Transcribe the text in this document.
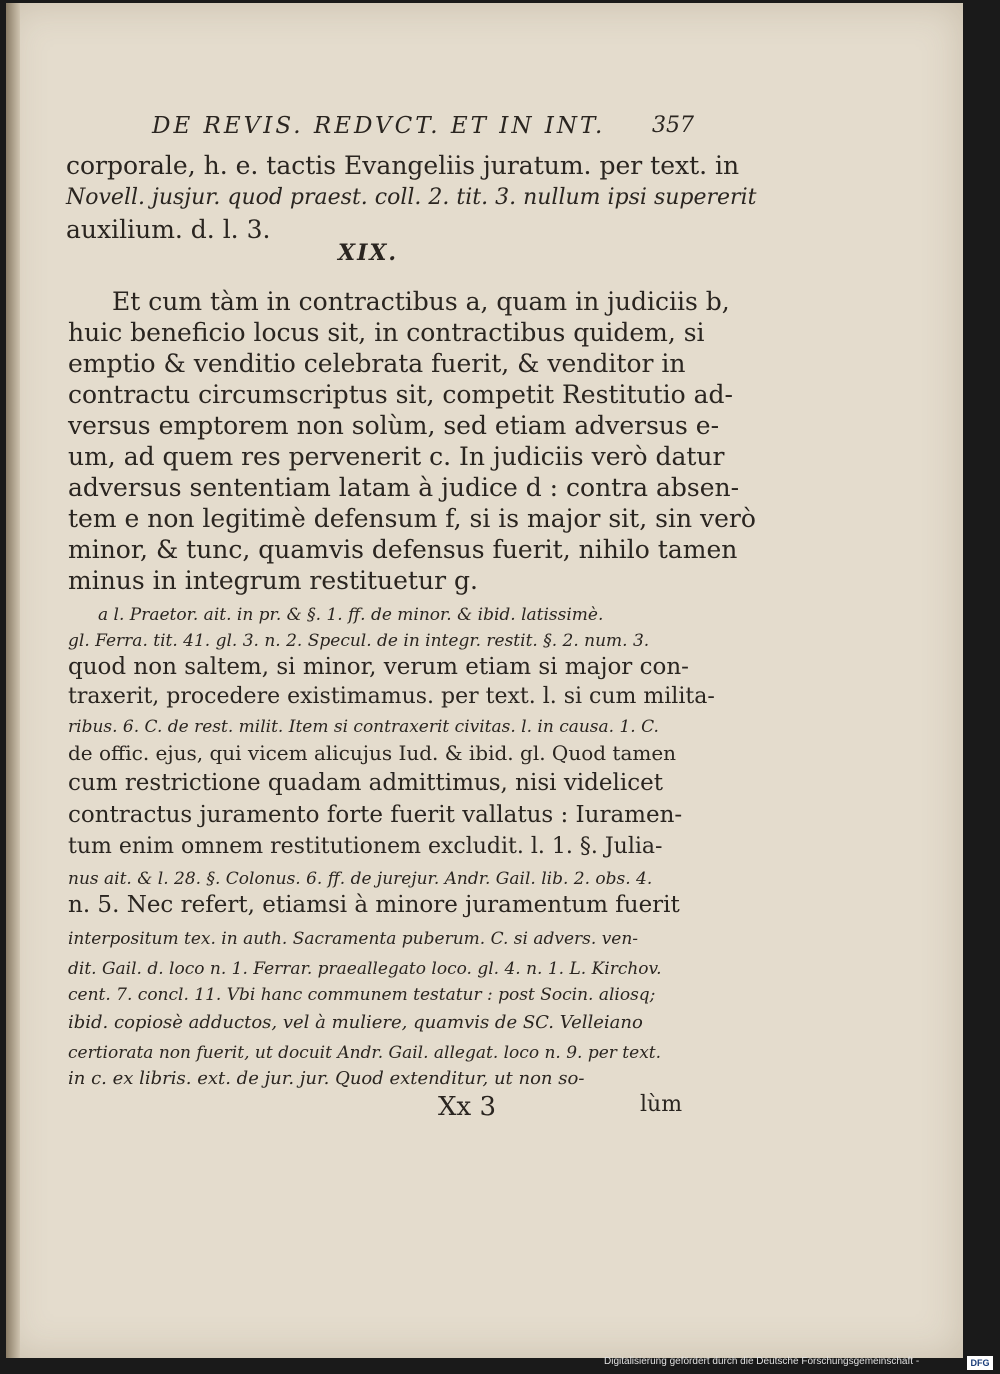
DE REVIS. REDVCT. ET IN INT. 357
corporale, h. e. tactis Evangeliis juratum. per text. in
Novell. jusjur. quod praest. coll. 2. tit. 3. nullum ipsi supererit
auxilium. d. l. 3.
XIX.
Et cum tàm in contractibus a, quam in judiciis b,
huic beneficio locus sit, in contractibus quidem, si
emptio & venditio celebrata fuerit, & venditor in
contractu circumscriptus sit, competit Restitutio ad-
versus emptorem non solùm, sed etiam adversus e-
um, ad quem res pervenerit c. In judiciis verò datur
adversus sententiam latam à judice d : contra absen-
tem e non legitimè defensum f, si is major sit, sin verò
minor, & tunc, quamvis defensus fuerit, nihilo tamen
minus in integrum restituetur g.
a l. Praetor. ait. in pr. & §. 1. ff. de minor. & ibid. latissimè.
gl. Ferra. tit. 41. gl. 3. n. 2. Specul. de in integr. restit. §. 2. num. 3.
quod non saltem, si minor, verum etiam si major con-
traxerit, procedere existimamus. per text. l. si cum milita-
ribus. 6. C. de rest. milit. Item si contraxerit civitas. l. in causa. 1. C.
de offic. ejus, qui vicem alicujus Iud. & ibid. gl. Quod tamen
cum restrictione quadam admittimus, nisi videlicet
contractus juramento forte fuerit vallatus : Iuramen-
tum enim omnem restitutionem excludit. l. 1. §. Julia-
nus ait. & l. 28. §. Colonus. 6. ff. de jurejur. Andr. Gail. lib. 2. obs. 4.
n. 5. Nec refert, etiamsi à minore juramentum fuerit
interpositum tex. in auth. Sacramenta puberum. C. si advers. ven-
dit. Gail. d. loco n. 1. Ferrar. praeallegato loco. gl. 4. n. 1. L. Kirchov.
cent. 7. concl. 11. Vbi hanc communem testatur : post Socin. aliosq;
ibid. copiosè adductos, vel à muliere, quamvis de SC. Velleiano
certiorata non fuerit, ut docuit Andr. Gail. allegat. loco n. 9. per text.
in c. ex libris. ext. de jur. jur. Quod extenditur, ut non so-
Xx 3	lùm
Digitalisierung gefördert durch die Deutsche Forschungsgemeinschaft -	DFG
